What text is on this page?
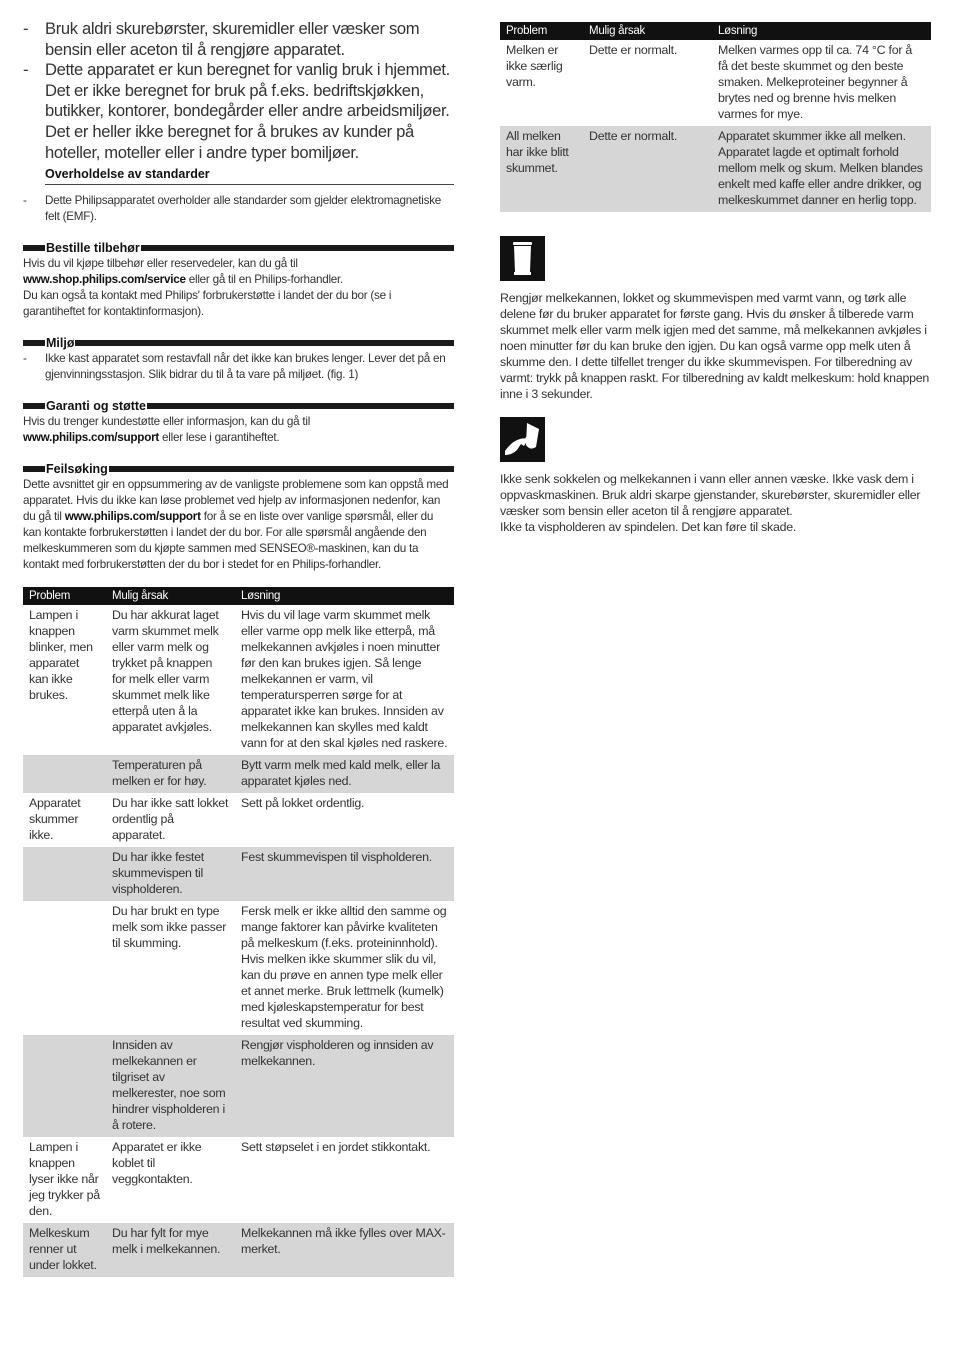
- Bruk aldri skurebørster, skuremidler eller væsker som bensin eller aceton til å rengjøre apparatet.
- Dette apparatet er kun beregnet for vanlig bruk i hjemmet. Det er ikke beregnet for bruk på f.eks. bedriftskjøkken, butikker, kontorer, bondegårder eller andre arbeidsmiljøer. Det er heller ikke beregnet for å brukes av kunder på hoteller, moteller eller i andre typer bomiljøer.
Overholdelse av standarder
- Dette Philipsapparatet overholder alle standarder som gjelder elektromagnetiske felt (EMF).
Bestille tilbehør
Hvis du vil kjøpe tilbehør eller reservedeler, kan du gå til
www.shop.philips.com/service eller gå til en Philips-forhandler.
Du kan også ta kontakt med Philips' forbrukerstøtte i landet der du bor (se i garantiheftet for kontaktinformasjon).
Miljø
- Ikke kast apparatet som restavfall når det ikke kan brukes lenger. Lever det på en gjenvinningsstasjon. Slik bidrar du til å ta vare på miljøet. (fig. 1)
Garanti og støtte
Hvis du trenger kundestøtte eller informasjon, kan du gå til
www.philips.com/support eller lese i garantiheftet.
Feilsøking
Dette avsnittet gir en oppsummering av de vanligste problemene som kan oppstå med apparatet. Hvis du ikke kan løse problemet ved hjelp av informasjonen nedenfor, kan du gå til www.philips.com/support for å se en liste over vanlige spørsmål, eller du kan kontakte forbrukerstøtten i landet der du bor. For alle spørsmål angående den melkeskummeren som du kjøpte sammen med SENSEO®-maskinen, kan du ta kontakt med forbrukerstøtten der du bor i stedet for en Philips-forhandler.
Problem	Mulig årsak	Løsning
Lampen i knappen blinker, men apparatet kan ikke brukes.	Du har akkurat laget varm skummet melk eller varm melk og trykket på knappen for melk eller varm skummet melk like etterpå uten å la apparatet avkjøles.	Hvis du vil lage varm skummet melk eller varme opp melk like etterpå, må melkekannen avkjøles i noen minutter før den kan brukes igjen. Så lenge melkekannen er varm, vil temperatursperren sørge for at apparatet ikke kan brukes. Innsiden av melkekannen kan skylles med kaldt vann for at den skal kjøles ned raskere.
	Temperaturen på melken er for høy.	Bytt varm melk med kald melk, eller la apparatet kjøles ned.
Apparatet skummer ikke.	Du har ikke satt lokket ordentlig på apparatet.	Sett på lokket ordentlig.
	Du har ikke festet skummevispen til vispholderen.	Fest skummevispen til vispholderen.
	Du har brukt en type melk som ikke passer til skumming.	Fersk melk er ikke alltid den samme og mange faktorer kan påvirke kvaliteten på melkeskum (f.eks. proteininnhold). Hvis melken ikke skummer slik du vil, kan du prøve en annen type melk eller et annet merke. Bruk lettmelk (kumelk) med kjøleskapstemperatur for best resultat ved skumming.
	Innsiden av melkekannen er tilgriset av melkerester, noe som hindrer vispholderen i å rotere.	Rengjør vispholderen og innsiden av melkekannen.
Lampen i knappen lyser ikke når jeg trykker på den.	Apparatet er ikke koblet til veggkontakten.	Sett støpselet i en jordet stikkontakt.
Melkeskum renner ut under lokket.	Du har fylt for mye melk i melkekannen.	Melkekannen må ikke fylles over MAX-merket.
Problem	Mulig årsak	Løsning
Melken er ikke særlig varm.	Dette er normalt.	Melken varmes opp til ca. 74 °C for å få det beste skummet og den beste smaken. Melkeproteiner begynner å brytes ned og brenne hvis melken varmes for mye.
All melken har ikke blitt skummet.	Dette er normalt.	Apparatet skummer ikke all melken. Apparatet lagde et optimalt forhold mellom melk og skum. Melken blandes enkelt med kaffe eller andre drikker, og melkeskummet danner en herlig topp.
Rengjør melkekannen, lokket og skummevispen med varmt vann, og tørk alle delene før du bruker apparatet for første gang. Hvis du ønsker å tilberede varm skummet melk eller varm melk igjen med det samme, må melkekannen avkjøles i noen minutter før du kan bruke den igjen. Du kan også varme opp melk uten å skumme den. I dette tilfellet trenger du ikke skummevispen. For tilberedning av varmt: trykk på knappen raskt. For tilberedning av kaldt melkeskum: hold knappen inne i 3 sekunder.
Ikke senk sokkelen og melkekannen i vann eller annen væske. Ikke vask dem i oppvaskmaskinen. Bruk aldri skarpe gjenstander, skurebørster, skuremidler eller væsker som bensin eller aceton til å rengjøre apparatet.
Ikke ta vispholderen av spindelen. Det kan føre til skade.
